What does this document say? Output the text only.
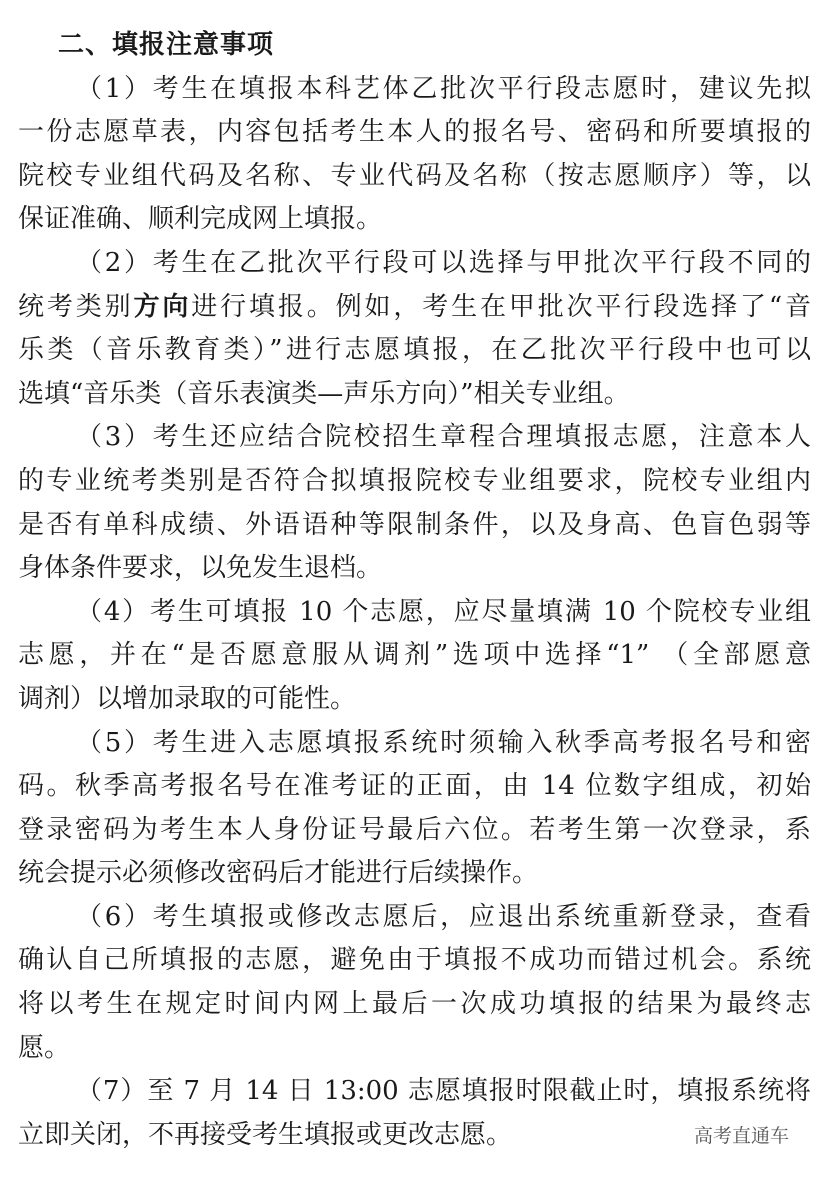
二、填报注意事项
（1）考生在填报本科艺体乙批次平行段志愿时，建议先拟
一份志愿草表，内容包括考生本人的报名号、密码和所要填报的
院校专业组代码及名称、专业代码及名称（按志愿顺序）等，以
保证准确、顺利完成网上填报。
（2）考生在乙批次平行段可以选择与甲批次平行段不同的
统考类别方向进行填报。例如，考生在甲批次平行段选择了“音
乐类（音乐教育类）”进行志愿填报，在乙批次平行段中也可以
选填“音乐类（音乐表演类—声乐方向）”相关专业组。
（3）考生还应结合院校招生章程合理填报志愿，注意本人
的专业统考类别是否符合拟填报院校专业组要求，院校专业组内
是否有单科成绩、外语语种等限制条件，以及身高、色盲色弱等
身体条件要求，以免发生退档。
（4）考生可填报 10 个志愿，应尽量填满 10 个院校专业组
志愿，并在“是否愿意服从调剂”选项中选择“1” （全部愿意
调剂）以增加录取的可能性。
（5）考生进入志愿填报系统时须输入秋季高考报名号和密
码。秋季高考报名号在准考证的正面，由 14 位数字组成，初始
登录密码为考生本人身份证号最后六位。若考生第一次登录，系
统会提示必须修改密码后才能进行后续操作。
（6）考生填报或修改志愿后，应退出系统重新登录，查看
确认自己所填报的志愿，避免由于填报不成功而错过机会。系统
将以考生在规定时间内网上最后一次成功填报的结果为最终志
愿。
（7）至 7 月 14 日 13:00 志愿填报时限截止时，填报系统将
立即关闭，不再接受考生填报或更改志愿。	高考直通车
